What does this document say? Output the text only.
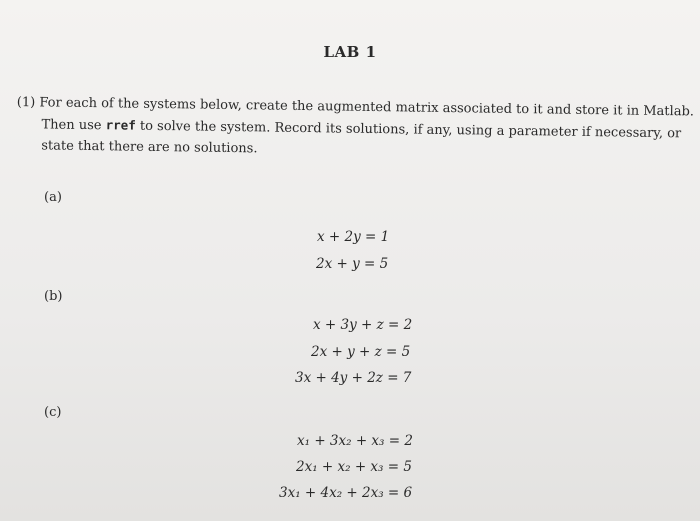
LAB 1
(1) For each of the systems below, create the augmented matrix associated to it and store it in Matlab.
Then use rref to solve the system. Record its solutions, if any, using a parameter if necessary, or
state that there are no solutions.
(a)
x + 2y = 1
2x + y = 5
(b)
x + 3y + z = 2
2x + y + z = 5
3x + 4y + 2z = 7
(c)
x₁ + 3x₂ + x₃ = 2
2x₁ + x₂ + x₃ = 5
3x₁ + 4x₂ + 2x₃ = 6
